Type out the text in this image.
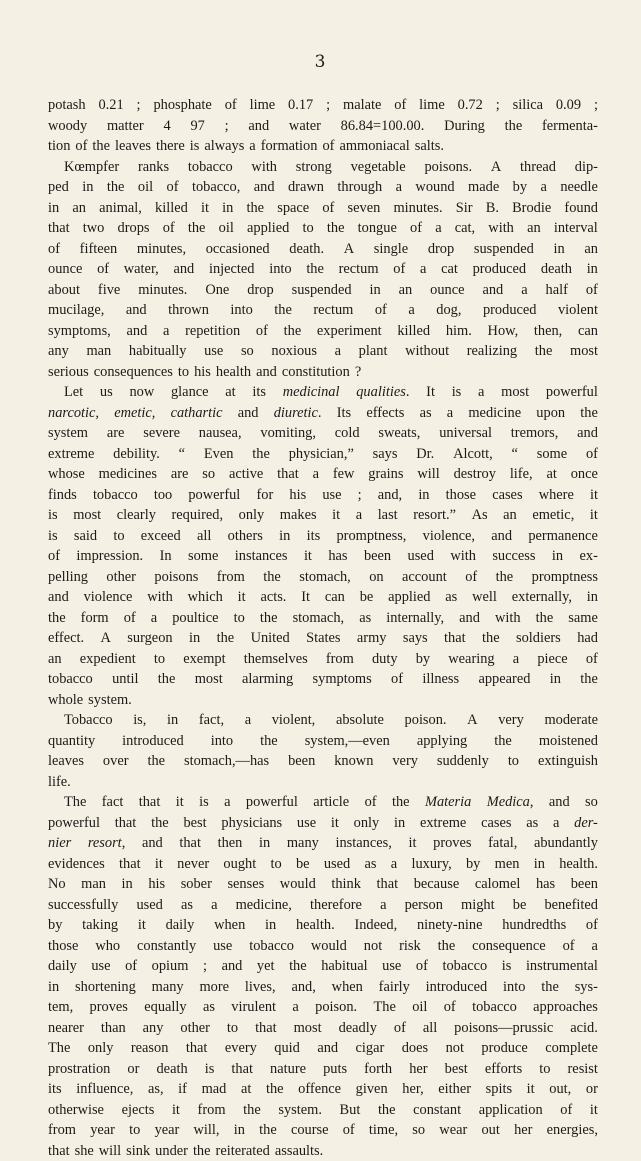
3
potash 0.21 ; phosphate of lime 0.17 ; malate of lime 0.72 ; silica 0.09 ;
woody matter 4 97 ; and water 86.84=100.00. During the fermenta-
tion of the leaves there is always a formation of ammoniacal salts.
Kœmpfer ranks tobacco with strong vegetable poisons. A thread dip-
ped in the oil of tobacco, and drawn through a wound made by a needle
in an animal, killed it in the space of seven minutes. Sir B. Brodie found
that two drops of the oil applied to the tongue of a cat, with an interval
of fifteen minutes, occasioned death. A single drop suspended in an
ounce of water, and injected into the rectum of a cat produced death in
about five minutes. One drop suspended in an ounce and a half of
mucilage, and thrown into the rectum of a dog, produced violent
symptoms, and a repetition of the experiment killed him. How, then, can
any man habitually use so noxious a plant without realizing the most
serious consequences to his health and constitution ?
Let us now glance at its medicinal qualities. It is a most powerful
narcotic, emetic, cathartic and diuretic. Its effects as a medicine upon the
system are severe nausea, vomiting, cold sweats, universal tremors, and
extreme debility. “ Even the physician,” says Dr. Alcott, “ some of
whose medicines are so active that a few grains will destroy life, at once
finds tobacco too powerful for his use ; and, in those cases where it
is most clearly required, only makes it a last resort.” As an emetic, it
is said to exceed all others in its promptness, violence, and permanence
of impression. In some instances it has been used with success in ex-
pelling other poisons from the stomach, on account of the promptness
and violence with which it acts. It can be applied as well externally, in
the form of a poultice to the stomach, as internally, and with the same
effect. A surgeon in the United States army says that the soldiers had
an expedient to exempt themselves from duty by wearing a piece of
tobacco until the most alarming symptoms of illness appeared in the
whole system.
Tobacco is, in fact, a violent, absolute poison. A very moderate
quantity introduced into the system,—even applying the moistened
leaves over the stomach,—has been known very suddenly to extinguish
life.
The fact that it is a powerful article of the Materia Medica, and so
powerful that the best physicians use it only in extreme cases as a der-
nier resort, and that then in many instances, it proves fatal, abundantly
evidences that it never ought to be used as a luxury, by men in health.
No man in his sober senses would think that because calomel has been
successfully used as a medicine, therefore a person might be benefited
by taking it daily when in health. Indeed, ninety-nine hundredths of
those who constantly use tobacco would not risk the consequence of a
daily use of opium ; and yet the habitual use of tobacco is instrumental
in shortening many more lives, and, when fairly introduced into the sys-
tem, proves equally as virulent a poison. The oil of tobacco approaches
nearer than any other to that most deadly of all poisons—prussic acid.
The only reason that every quid and cigar does not produce complete
prostration or death is that nature puts forth her best efforts to resist
its influence, as, if mad at the offence given her, either spits it out, or
otherwise ejects it from the system. But the constant application of it
from year to year will, in the course of time, so wear out her energies,
that she will sink under the reiterated assaults.
